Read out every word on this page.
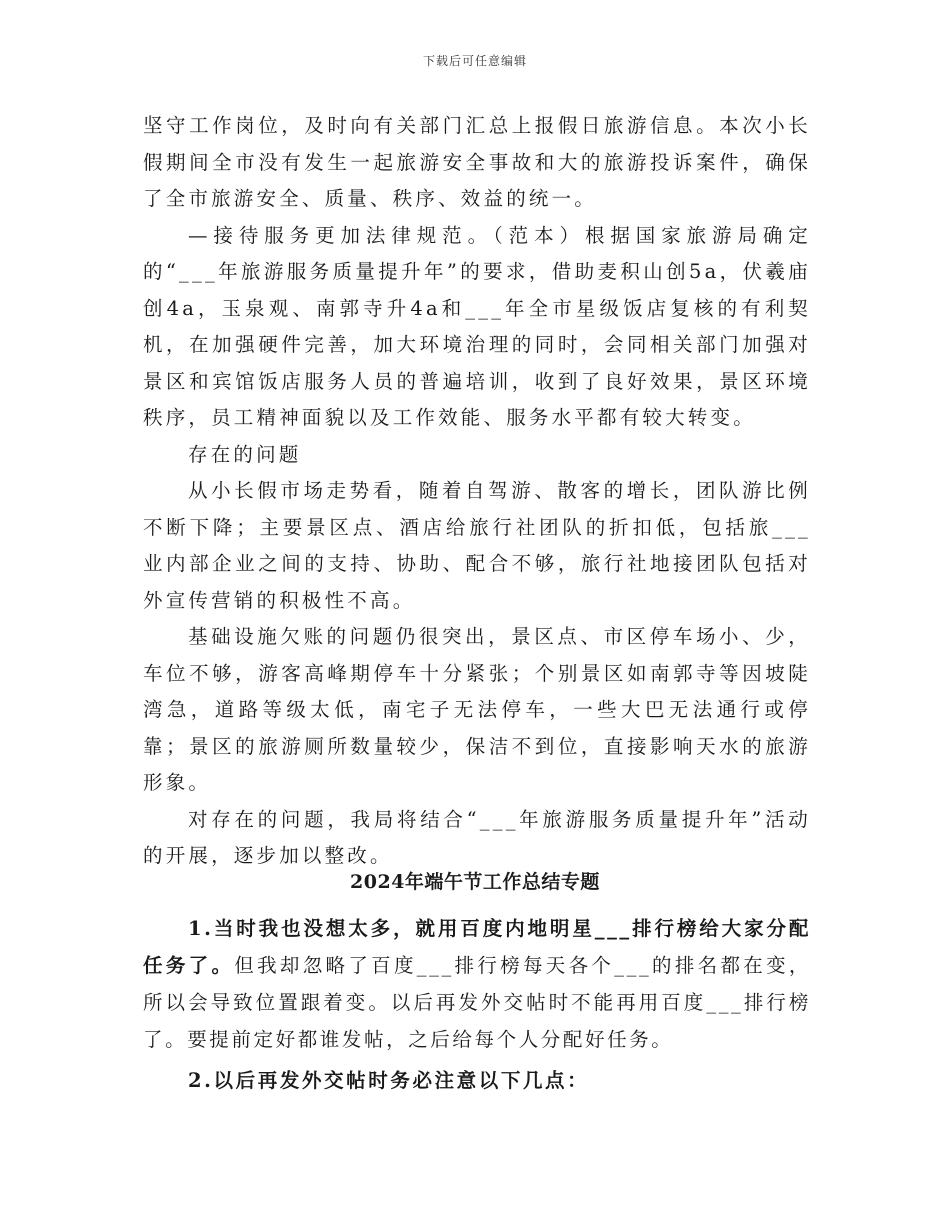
下载后可任意编辑

坚守工作岗位，及时向有关部门汇总上报假日旅游信息。本次小长假期间全市没有发生一起旅游安全事故和大的旅游投诉案件，确保了全市旅游安全、质量、秩序、效益的统一。

—接待服务更加法律规范。（范本）根据国家旅游局确定的“___年旅游服务质量提升年”的要求，借助麦积山创5a，伏羲庙创4a，玉泉观、南郭寺升4a和___年全市星级饭店复核的有利契机，在加强硬件完善，加大环境治理的同时，会同相关部门加强对景区和宾馆饭店服务人员的普遍培训，收到了良好效果，景区环境秩序，员工精神面貌以及工作效能、服务水平都有较大转变。

存在的问题

从小长假市场走势看，随着自驾游、散客的增长，团队游比例不断下降；主要景区点、酒店给旅行社团队的折扣低，包括旅___业内部企业之间的支持、协助、配合不够，旅行社地接团队包括对外宣传营销的积极性不高。

基础设施欠账的问题仍很突出，景区点、市区停车场小、少，车位不够，游客高峰期停车十分紧张；个别景区如南郭寺等因坡陡湾急，道路等级太低，南宅子无法停车，一些大巴无法通行或停靠；景区的旅游厕所数量较少，保洁不到位，直接影响天水的旅游形象。

对存在的问题，我局将结合“___年旅游服务质量提升年”活动的开展，逐步加以整改。

2024年端午节工作总结专题

1.当时我也没想太多，就用百度内地明星___排行榜给大家分配任务了。但我却忽略了百度___排行榜每天各个___的排名都在变，所以会导致位置跟着变。以后再发外交帖时不能再用百度___排行榜了。要提前定好都谁发帖，之后给每个人分配好任务。

2.以后再发外交帖时务必注意以下几点：
